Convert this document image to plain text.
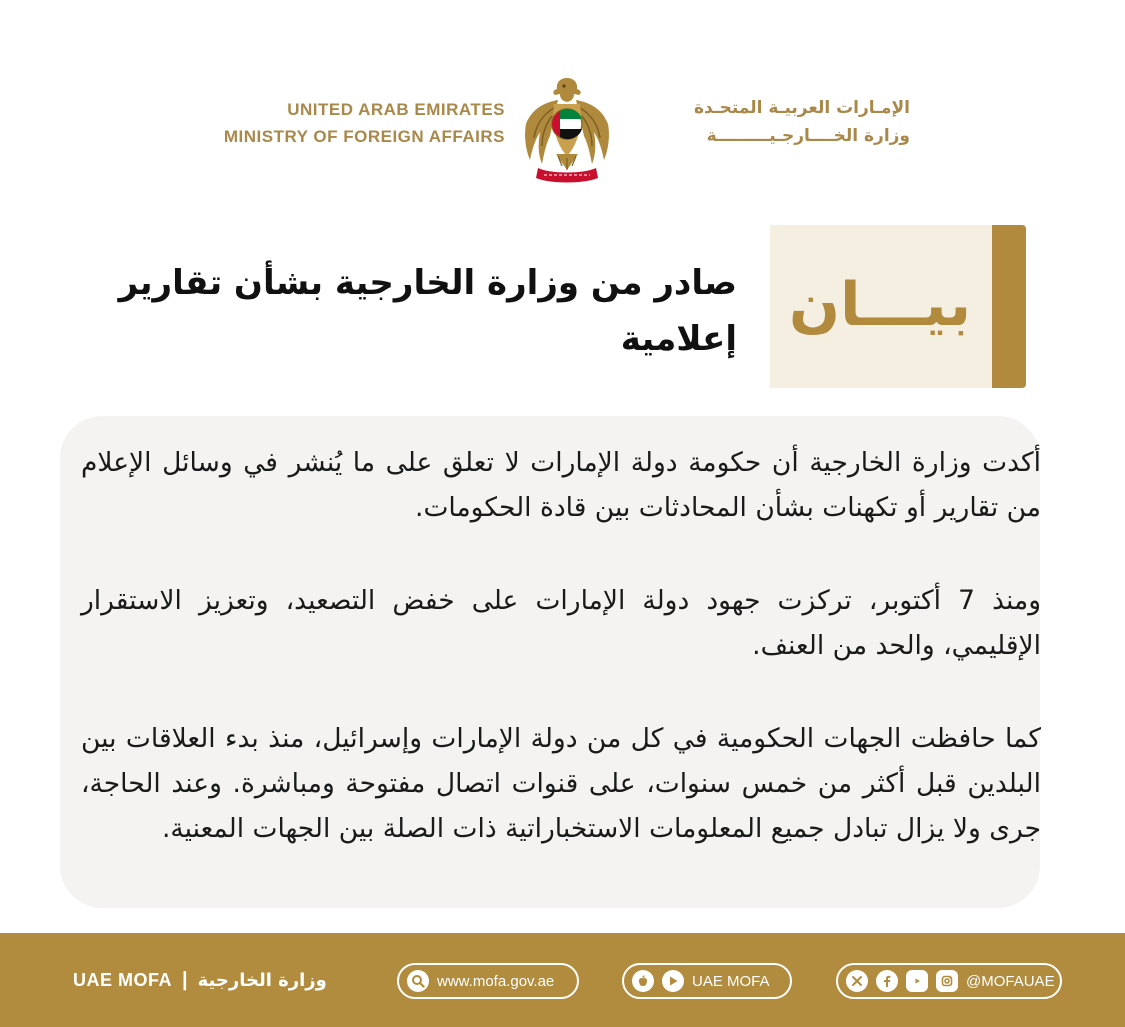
UNITED ARAB EMIRATES
MINISTRY OF FOREIGN AFFAIRS
الإمـارات العربيـة المتحـدة
وزارة الخــــارجـيـــــــــة
بيـــان
صادر من وزارة الخارجية بشأن تقارير إعلامية

أكدت وزارة الخارجية أن حكومة دولة الإمارات لا تعلق على ما يُنشر في وسائل الإعلام من تقارير أو تكهنات بشأن المحادثات بين قادة الحكومات.

ومنذ 7 أكتوبر، تركزت جهود دولة الإمارات على خفض التصعيد، وتعزيز الاستقرار الإقليمي، والحد من العنف.

كما حافظت الجهات الحكومية في كل من دولة الإمارات وإسرائيل، منذ بدء العلاقات بين البلدين قبل أكثر من خمس سنوات، على قنوات اتصال مفتوحة ومباشرة. وعند الحاجة، جرى ولا يزال تبادل جميع المعلومات الاستخباراتية ذات الصلة بين الجهات المعنية.

UAE MOFA | وزارة الخارجية	www.mofa.gov.ae	UAE MOFA	@MOFAUAE
